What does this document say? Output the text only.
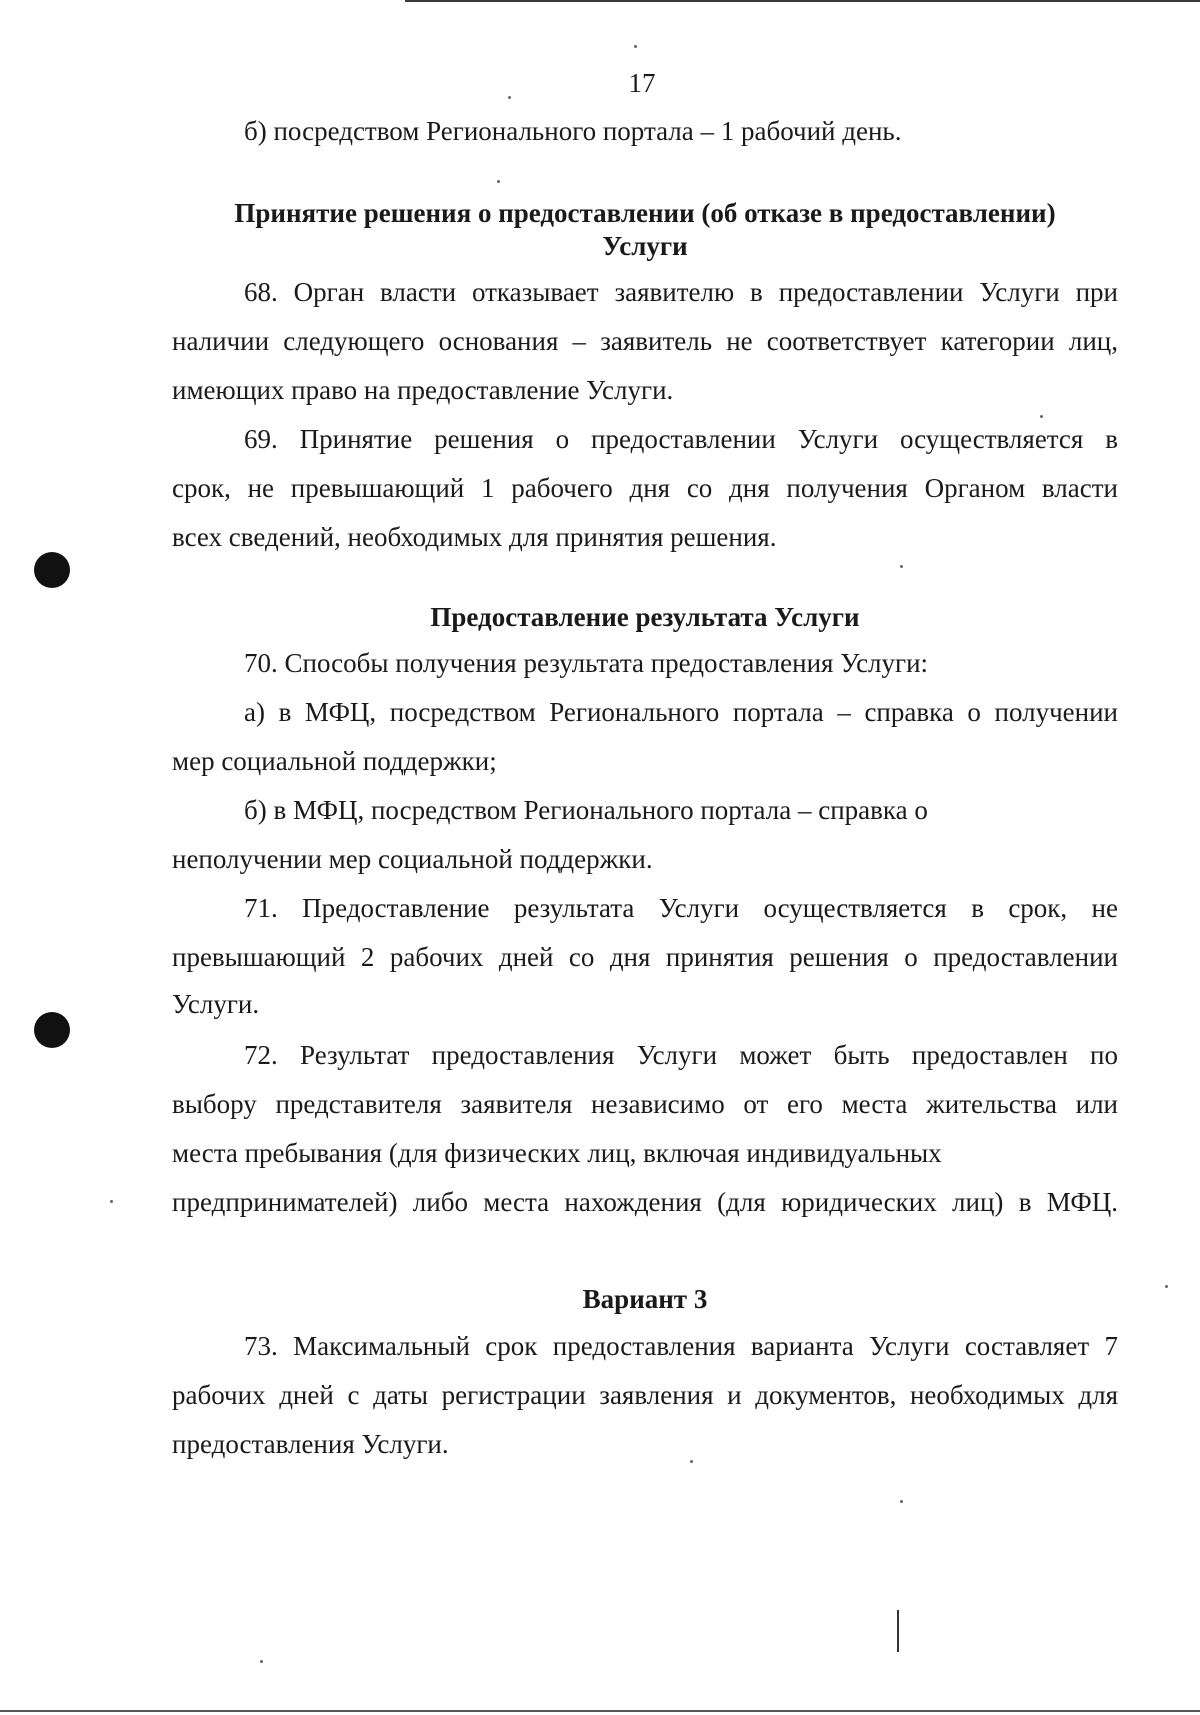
17
б) посредством Регионального портала – 1 рабочий день.
Принятие решения о предоставлении (об отказе в предоставлении)
Услуги
68. Орган власти отказывает заявителю в предоставлении Услуги при
наличии следующего основания – заявитель не соответствует категории лиц,
имеющих право на предоставление Услуги.
69. Принятие решения о предоставлении Услуги осуществляется в
срок, не превышающий 1 рабочего дня со дня получения Органом власти
всех сведений, необходимых для принятия решения.
Предоставление результата Услуги
70. Способы получения результата предоставления Услуги:
а) в МФЦ, посредством Регионального портала – справка о получении
мер социальной поддержки;
б) в МФЦ, посредством Регионального портала – справка о
неполучении мер социальной поддержки.
71. Предоставление результата Услуги осуществляется в срок, не
превышающий 2 рабочих дней со дня принятия решения о предоставлении
Услуги.
72. Результат предоставления Услуги может быть предоставлен по
выбору представителя заявителя независимо от его места жительства или
места пребывания (для физических лиц, включая индивидуальных
предпринимателей) либо места нахождения (для юридических лиц) в МФЦ.
Вариант 3
73. Максимальный срок предоставления варианта Услуги составляет 7
рабочих дней с даты регистрации заявления и документов, необходимых для
предоставления Услуги.
